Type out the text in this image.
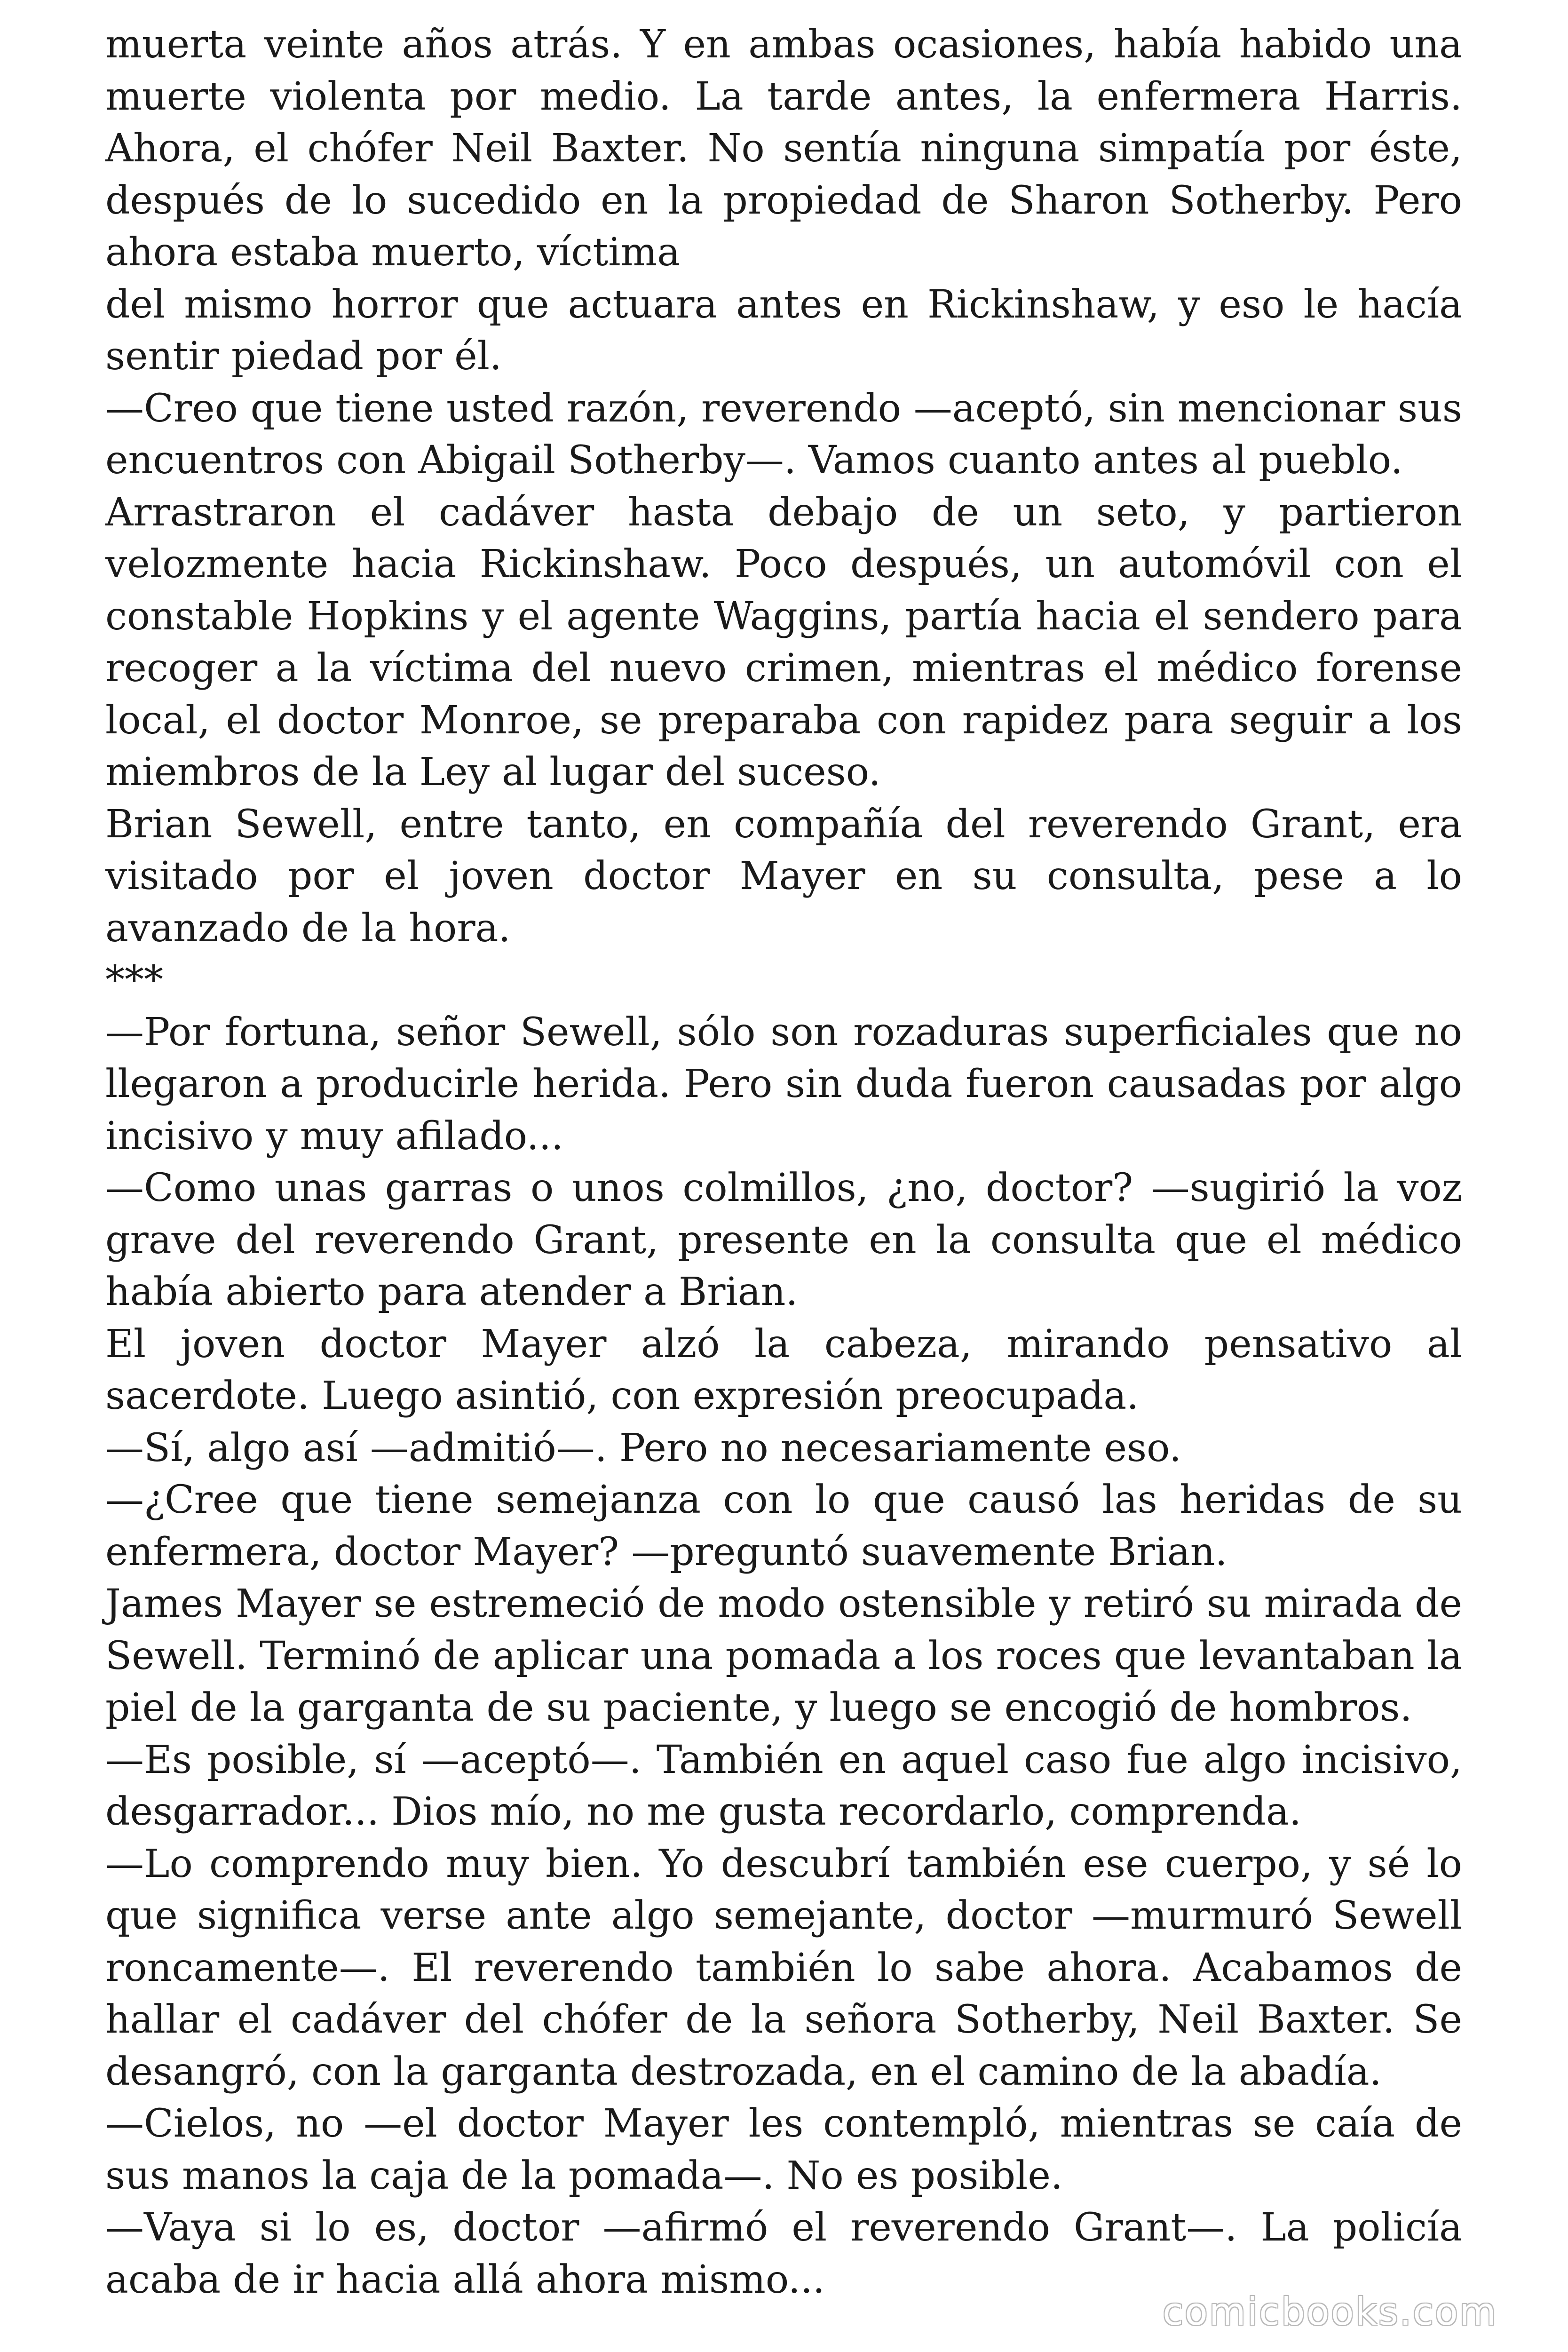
muerta veinte años atrás. Y en ambas ocasiones, había habido una muerte violenta por medio. La tarde antes, la enfermera Harris. Ahora, el chófer Neil Baxter. No sentía ninguna simpatía por éste, después de lo sucedido en la propiedad de Sharon Sotherby. Pero ahora estaba muerto, víctima

del mismo horror que actuara antes en Rickinshaw, y eso le hacía sentir piedad por él.

—Creo que tiene usted razón, reverendo —aceptó, sin mencionar sus encuentros con Abigail Sotherby—. Vamos cuanto antes al pueblo.

Arrastraron el cadáver hasta debajo de un seto, y partieron velozmente hacia Rickinshaw. Poco después, un automóvil con el constable Hopkins y el agente Waggins, partía hacia el sendero para recoger a la víctima del nuevo crimen, mientras el médico forense local, el doctor Monroe, se preparaba con rapidez para seguir a los miembros de la Ley al lugar del suceso.

Brian Sewell, entre tanto, en compañía del reverendo Grant, era visitado por el joven doctor Mayer en su consulta, pese a lo avanzado de la hora.

***

—Por fortuna, señor Sewell, sólo son rozaduras superficiales que no llegaron a producirle herida. Pero sin duda fueron causadas por algo incisivo y muy afilado...

—Como unas garras o unos colmillos, ¿no, doctor? —sugirió la voz grave del reverendo Grant, presente en la consulta que el médico había abierto para atender a Brian.

El joven doctor Mayer alzó la cabeza, mirando pensativo al sacerdote. Luego asintió, con expresión preocupada.

—Sí, algo así —admitió—. Pero no necesariamente eso.

—¿Cree que tiene semejanza con lo que causó las heridas de su enfermera, doctor Mayer? —preguntó suavemente Brian.

James Mayer se estremeció de modo ostensible y retiró su mirada de Sewell. Terminó de aplicar una pomada a los roces que levantaban la piel de la garganta de su paciente, y luego se encogió de hombros.

—Es posible, sí —aceptó—. También en aquel caso fue algo incisivo, desgarrador... Dios mío, no me gusta recordarlo, comprenda.

—Lo comprendo muy bien. Yo descubrí también ese cuerpo, y sé lo que significa verse ante algo semejante, doctor —murmuró Sewell roncamente—. El reverendo también lo sabe ahora. Acabamos de hallar el cadáver del chófer de la señora Sotherby, Neil Baxter. Se desangró, con la garganta destrozada, en el camino de la abadía.

—Cielos, no —el doctor Mayer les contempló, mientras se caía de sus manos la caja de la pomada—. No es posible.

—Vaya si lo es, doctor —afirmó el reverendo Grant—. La policía acaba de ir hacia allá ahora mismo...

comicbooks.com
